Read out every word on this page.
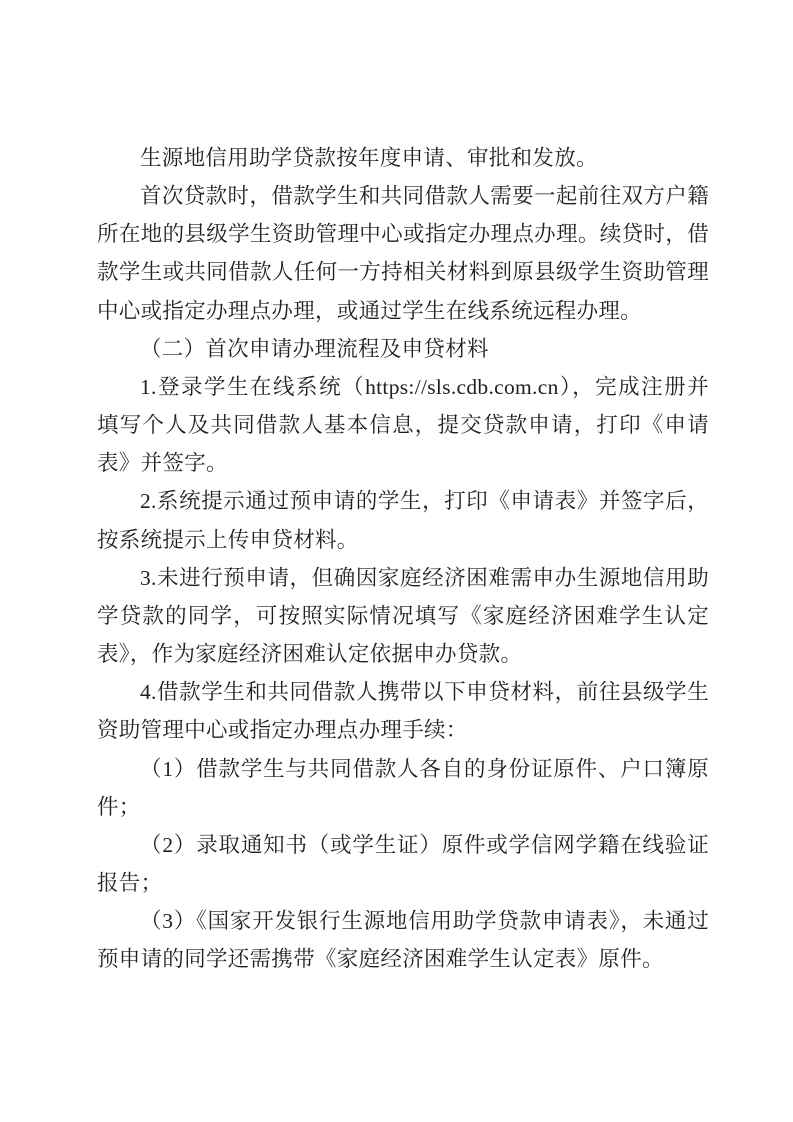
生源地信用助学贷款按年度申请、审批和发放。

首次贷款时，借款学生和共同借款人需要一起前往双方户籍所在地的县级学生资助管理中心或指定办理点办理。续贷时，借款学生或共同借款人任何一方持相关材料到原县级学生资助管理中心或指定办理点办理，或通过学生在线系统远程办理。

（二）首次申请办理流程及申贷材料

1.登录学生在线系统（https://sls.cdb.com.cn），完成注册并填写个人及共同借款人基本信息，提交贷款申请，打印《申请表》并签字。

2.系统提示通过预申请的学生，打印《申请表》并签字后，按系统提示上传申贷材料。

3.未进行预申请，但确因家庭经济困难需申办生源地信用助学贷款的同学，可按照实际情况填写《家庭经济困难学生认定表》，作为家庭经济困难认定依据申办贷款。

4.借款学生和共同借款人携带以下申贷材料，前往县级学生资助管理中心或指定办理点办理手续：

（1）借款学生与共同借款人各自的身份证原件、户口簿原件；

（2）录取通知书（或学生证）原件或学信网学籍在线验证报告；

（3）《国家开发银行生源地信用助学贷款申请表》，未通过预申请的同学还需携带《家庭经济困难学生认定表》原件。
